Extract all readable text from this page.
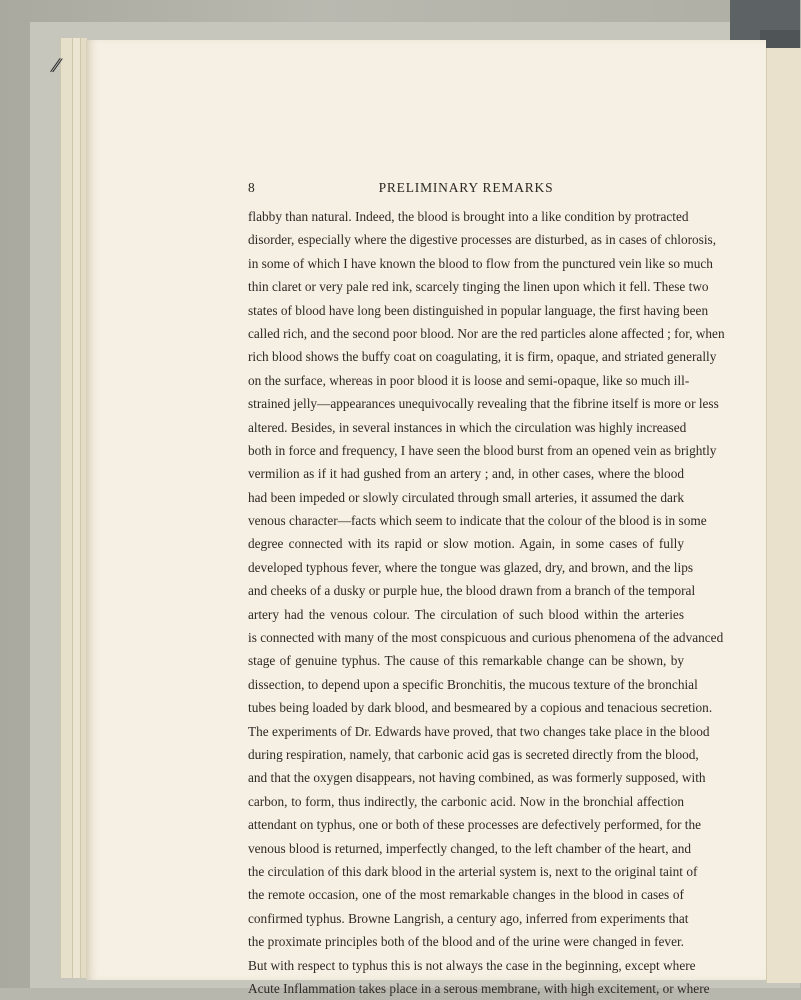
//
8	PRELIMINARY REMARKS
flabby than natural. Indeed, the blood is brought into a like condition by protracted
disorder, especially where the digestive processes are disturbed, as in cases of chlorosis,
in some of which I have known the blood to flow from the punctured vein like so much
thin claret or very pale red ink, scarcely tinging the linen upon which it fell. These two
states of blood have long been distinguished in popular language, the first having been
called rich, and the second poor blood. Nor are the red particles alone affected ; for, when
rich blood shows the buffy coat on coagulating, it is firm, opaque, and striated generally
on the surface, whereas in poor blood it is loose and semi-opaque, like so much ill-
strained jelly—appearances unequivocally revealing that the fibrine itself is more or less
altered. Besides, in several instances in which the circulation was highly increased
both in force and frequency, I have seen the blood burst from an opened vein as brightly
vermilion as if it had gushed from an artery ; and, in other cases, where the blood
had been impeded or slowly circulated through small arteries, it assumed the dark
venous character—facts which seem to indicate that the colour of the blood is in some
degree connected with its rapid or slow motion. Again, in some cases of fully
developed typhous fever, where the tongue was glazed, dry, and brown, and the lips
and cheeks of a dusky or purple hue, the blood drawn from a branch of the temporal
artery had the venous colour. The circulation of such blood within the arteries
is connected with many of the most conspicuous and curious phenomena of the advanced
stage of genuine typhus. The cause of this remarkable change can be shown, by
dissection, to depend upon a specific Bronchitis, the mucous texture of the bronchial
tubes being loaded by dark blood, and besmeared by a copious and tenacious secretion.
The experiments of Dr. Edwards have proved, that two changes take place in the blood
during respiration, namely, that carbonic acid gas is secreted directly from the blood,
and that the oxygen disappears, not having combined, as was formerly supposed, with
carbon, to form, thus indirectly, the carbonic acid. Now in the bronchial affection
attendant on typhus, one or both of these processes are defectively performed, for the
venous blood is returned, imperfectly changed, to the left chamber of the heart, and
the circulation of this dark blood in the arterial system is, next to the original taint of
the remote occasion, one of the most remarkable changes in the blood in cases of
confirmed typhus. Browne Langrish, a century ago, inferred from experiments that
the proximate principles both of the blood and of the urine were changed in fever.
But with respect to typhus this is not always the case in the beginning, except where
Acute Inflammation takes place in a serous membrane, with high excitement, or where
